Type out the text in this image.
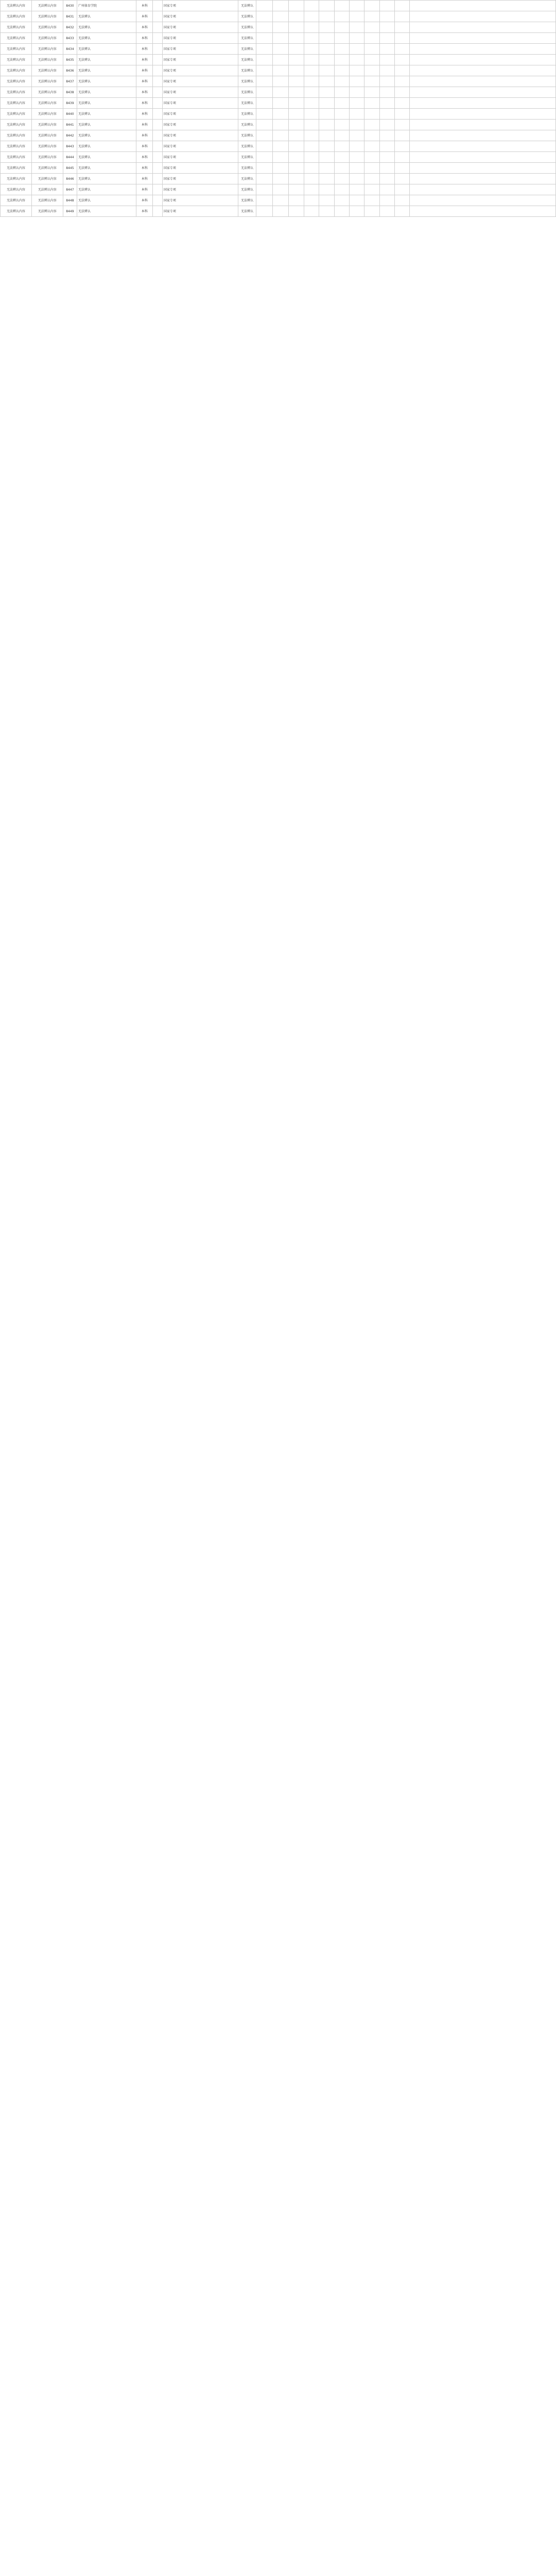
无法辨认内容	无法辨认内容	8430	广州体育学院	本科		国家专项	无法辨认											
无法辨认内容	无法辨认内容	8431	无法辨认	本科		国家专项	无法辨认											
无法辨认内容	无法辨认内容	8432	无法辨认	本科		国家专项	无法辨认											
无法辨认内容	无法辨认内容	8433	无法辨认	本科		国家专项	无法辨认											
无法辨认内容	无法辨认内容	8434	无法辨认	本科		国家专项	无法辨认											
无法辨认内容	无法辨认内容	8435	无法辨认	本科		国家专项	无法辨认											
无法辨认内容	无法辨认内容	8436	无法辨认	本科		国家专项	无法辨认											
无法辨认内容	无法辨认内容	8437	无法辨认	本科		国家专项	无法辨认											
无法辨认内容	无法辨认内容	8438	无法辨认	本科		国家专项	无法辨认											
无法辨认内容	无法辨认内容	8439	无法辨认	本科		国家专项	无法辨认											
无法辨认内容	无法辨认内容	8440	无法辨认	本科		国家专项	无法辨认											
无法辨认内容	无法辨认内容	8441	无法辨认	本科		国家专项	无法辨认											
无法辨认内容	无法辨认内容	8442	无法辨认	本科		国家专项	无法辨认											
无法辨认内容	无法辨认内容	8443	无法辨认	本科		国家专项	无法辨认											
无法辨认内容	无法辨认内容	8444	无法辨认	本科		国家专项	无法辨认											
无法辨认内容	无法辨认内容	8445	无法辨认	本科		国家专项	无法辨认											
无法辨认内容	无法辨认内容	8446	无法辨认	本科		国家专项	无法辨认											
无法辨认内容	无法辨认内容	8447	无法辨认	本科		国家专项	无法辨认											
无法辨认内容	无法辨认内容	8448	无法辨认	本科		国家专项	无法辨认											
无法辨认内容	无法辨认内容	8449	无法辨认	本科		国家专项	无法辨认											
